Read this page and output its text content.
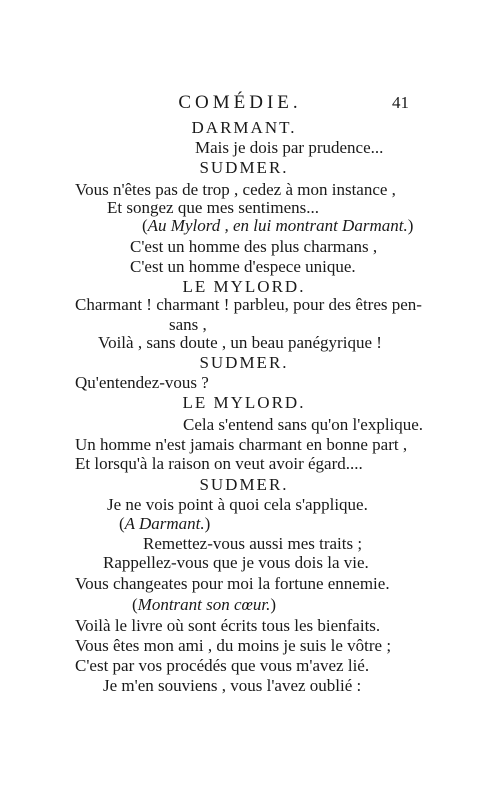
COMÉDIE.	41
DARMANT.
Mais je dois par prudence...
SUDMER.
Vous n'êtes pas de trop , cedez à mon instance ,
Et songez que mes sentimens...
(Au Mylord , en lui montrant Darmant.)
C'est un homme des plus charmans ,
C'est un homme d'espece unique.
LE MYLORD.
Charmant ! charmant ! parbleu, pour des êtres pen-
sans ,
Voilà , sans doute , un beau panégyrique !
SUDMER.
Qu'entendez-vous ?
LE MYLORD.
Cela s'entend sans qu'on l'explique.
Un homme n'est jamais charmant en bonne part ,
Et lorsqu'à la raison on veut avoir égard....
SUDMER.
Je ne vois point à quoi cela s'applique.
(A Darmant.)
Remettez-vous aussi mes traits ;
Rappellez-vous que je vous dois la vie.
Vous changeates pour moi la fortune ennemie.
(Montrant son cœur.)
Voilà le livre où sont écrits tous les bienfaits.
Vous êtes mon ami , du moins je suis le vôtre ;
C'est par vos procédés que vous m'avez lié.
Je m'en souviens , vous l'avez oublié :
